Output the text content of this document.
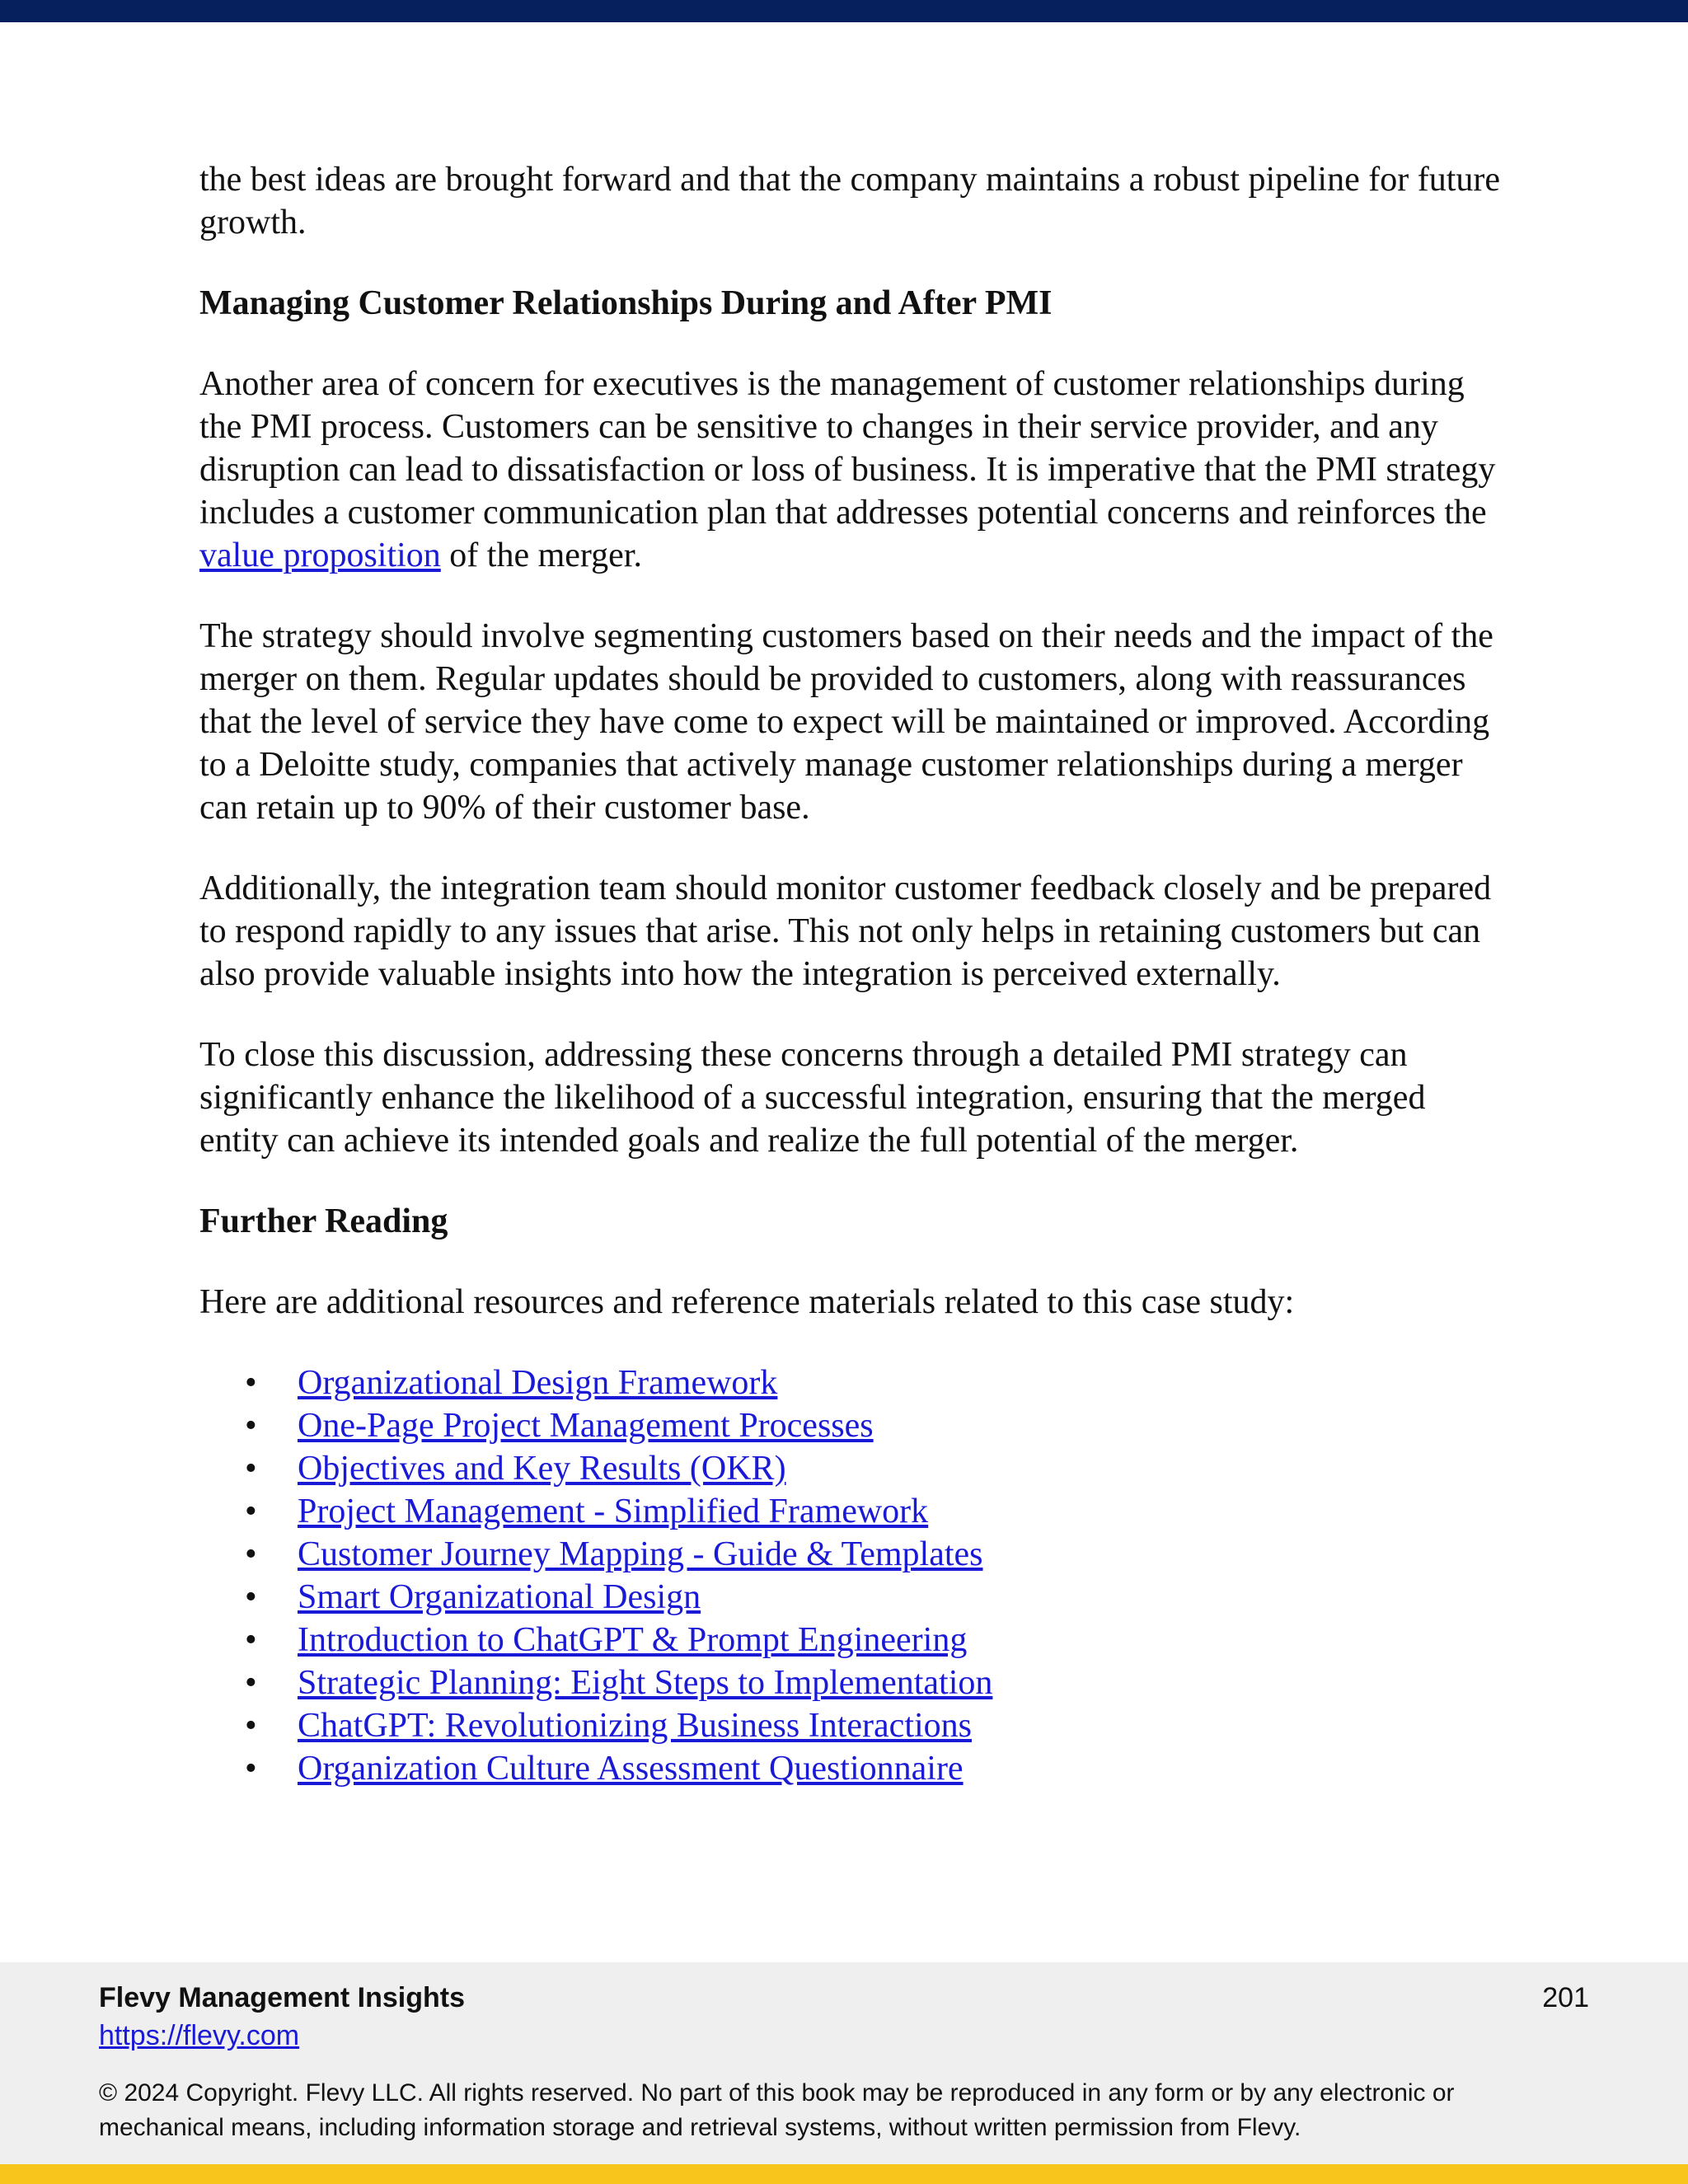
the best ideas are brought forward and that the company maintains a robust pipeline for future growth.

Managing Customer Relationships During and After PMI

Another area of concern for executives is the management of customer relationships during the PMI process. Customers can be sensitive to changes in their service provider, and any disruption can lead to dissatisfaction or loss of business. It is imperative that the PMI strategy includes a customer communication plan that addresses potential concerns and reinforces the value proposition of the merger.

The strategy should involve segmenting customers based on their needs and the impact of the merger on them. Regular updates should be provided to customers, along with reassurances that the level of service they have come to expect will be maintained or improved. According to a Deloitte study, companies that actively manage customer relationships during a merger can retain up to 90% of their customer base.

Additionally, the integration team should monitor customer feedback closely and be prepared to respond rapidly to any issues that arise. This not only helps in retaining customers but can also provide valuable insights into how the integration is perceived externally.

To close this discussion, addressing these concerns through a detailed PMI strategy can significantly enhance the likelihood of a successful integration, ensuring that the merged entity can achieve its intended goals and realize the full potential of the merger.

Further Reading

Here are additional resources and reference materials related to this case study:

• Organizational Design Framework
• One-Page Project Management Processes
• Objectives and Key Results (OKR)
• Project Management - Simplified Framework
• Customer Journey Mapping - Guide & Templates
• Smart Organizational Design
• Introduction to ChatGPT & Prompt Engineering
• Strategic Planning: Eight Steps to Implementation
• ChatGPT: Revolutionizing Business Interactions
• Organization Culture Assessment Questionnaire
Flevy Management Insights	201
https://flevy.com
© 2024 Copyright. Flevy LLC. All rights reserved. No part of this book may be reproduced in any form or by any electronic or mechanical means, including information storage and retrieval systems, without written permission from Flevy.
